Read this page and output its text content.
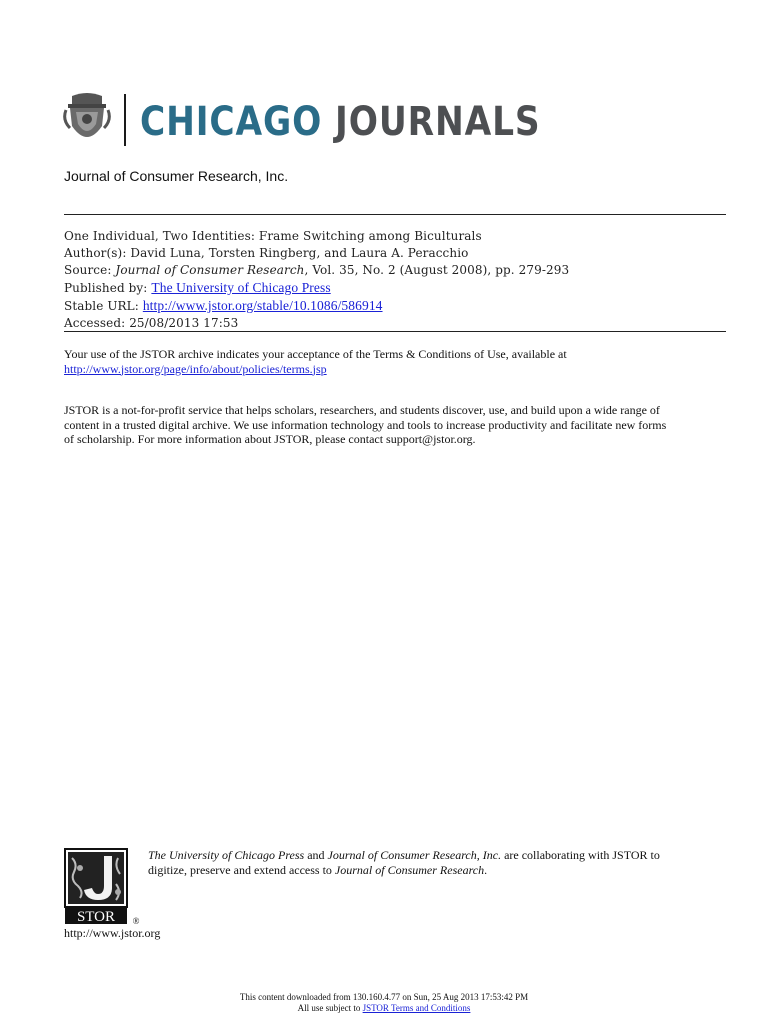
CHICAGO JOURNALS
Journal of Consumer Research, Inc.
One Individual, Two Identities: Frame Switching among Biculturals
Author(s): David Luna, Torsten Ringberg, and Laura A. Peracchio
Source: Journal of Consumer Research, Vol. 35, No. 2 (August 2008), pp. 279-293
Published by: The University of Chicago Press
Stable URL: http://www.jstor.org/stable/10.1086/586914
Accessed: 25/08/2013 17:53
Your use of the JSTOR archive indicates your acceptance of the Terms & Conditions of Use, available at
http://www.jstor.org/page/info/about/policies/terms.jsp
JSTOR is a not-for-profit service that helps scholars, researchers, and students discover, use, and build upon a wide range of
content in a trusted digital archive. We use information technology and tools to increase productivity and facilitate new forms
of scholarship. For more information about JSTOR, please contact support@jstor.org.
STOR ®
http://www.jstor.org
The University of Chicago Press and Journal of Consumer Research, Inc. are collaborating with JSTOR to
digitize, preserve and extend access to Journal of Consumer Research.
This content downloaded from 130.160.4.77 on Sun, 25 Aug 2013 17:53:42 PM
All use subject to JSTOR Terms and Conditions
